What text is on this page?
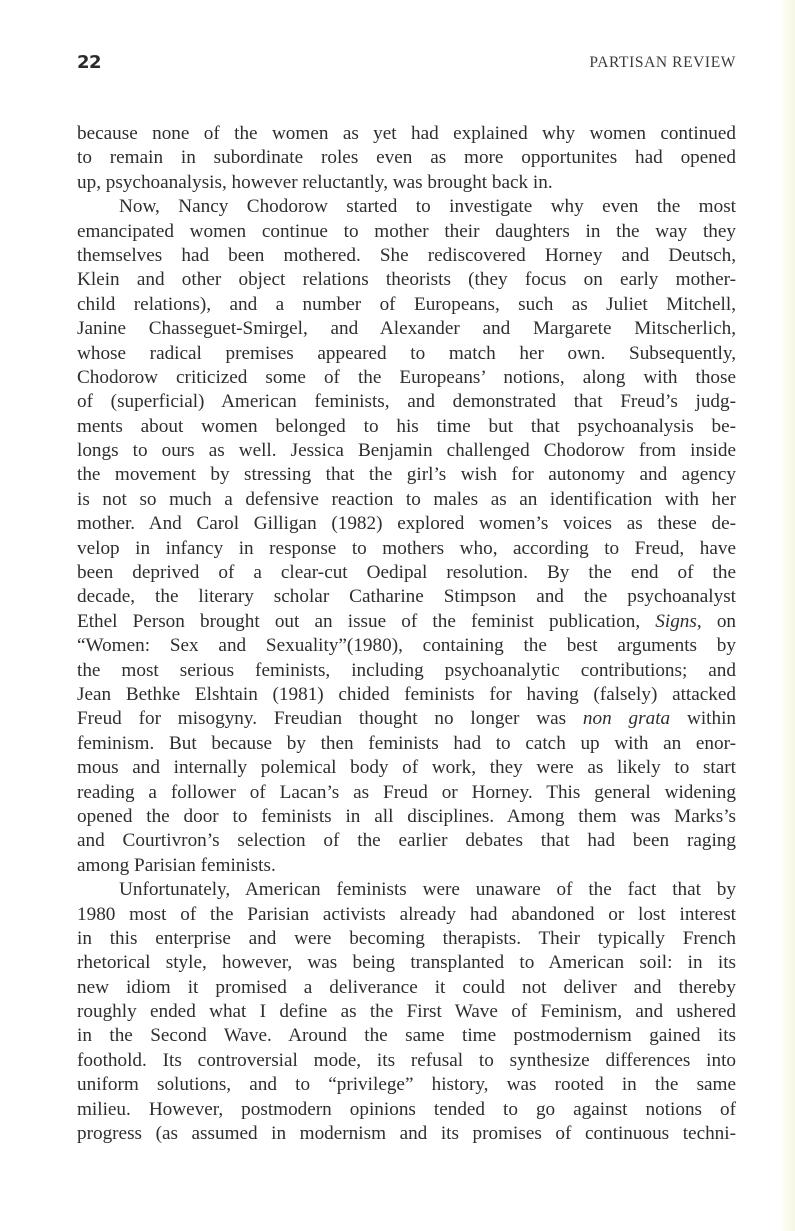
22	PARTISAN REVIEW
because none of the women as yet had explained why women continued
to remain in subordinate roles even as more opportunites had opened
up, psychoanalysis, however reluctantly, was brought back in.
Now, Nancy Chodorow started to investigate why even the most
emancipated women continue to mother their daughters in the way they
themselves had been mothered. She rediscovered Horney and Deutsch,
Klein and other object relations theorists (they focus on early mother-
child relations), and a number of Europeans, such as Juliet Mitchell,
Janine Chasseguet-Smirgel, and Alexander and Margarete Mitscherlich,
whose radical premises appeared to match her own. Subsequently,
Chodorow criticized some of the Europeans’ notions, along with those
of (superficial) American feminists, and demonstrated that Freud’s judg-
ments about women belonged to his time but that psychoanalysis be-
longs to ours as well. Jessica Benjamin challenged Chodorow from inside
the movement by stressing that the girl’s wish for autonomy and agency
is not so much a defensive reaction to males as an identification with her
mother. And Carol Gilligan (1982) explored women’s voices as these de-
velop in infancy in response to mothers who, according to Freud, have
been deprived of a clear-cut Oedipal resolution. By the end of the
decade, the literary scholar Catharine Stimpson and the psychoanalyst
Ethel Person brought out an issue of the feminist publication, Signs, on
“Women: Sex and Sexuality”(1980), containing the best arguments by
the most serious feminists, including psychoanalytic contributions; and
Jean Bethke Elshtain (1981) chided feminists for having (falsely) attacked
Freud for misogyny. Freudian thought no longer was non grata within
feminism. But because by then feminists had to catch up with an enor-
mous and internally polemical body of work, they were as likely to start
reading a follower of Lacan’s as Freud or Horney. This general widening
opened the door to feminists in all disciplines. Among them was Marks’s
and Courtivron’s selection of the earlier debates that had been raging
among Parisian feminists.
Unfortunately, American feminists were unaware of the fact that by
1980 most of the Parisian activists already had abandoned or lost interest
in this enterprise and were becoming therapists. Their typically French
rhetorical style, however, was being transplanted to American soil: in its
new idiom it promised a deliverance it could not deliver and thereby
roughly ended what I define as the First Wave of Feminism, and ushered
in the Second Wave. Around the same time postmodernism gained its
foothold. Its controversial mode, its refusal to synthesize differences into
uniform solutions, and to “privilege” history, was rooted in the same
milieu. However, postmodern opinions tended to go against notions of
progress (as assumed in modernism and its promises of continuous techni-
